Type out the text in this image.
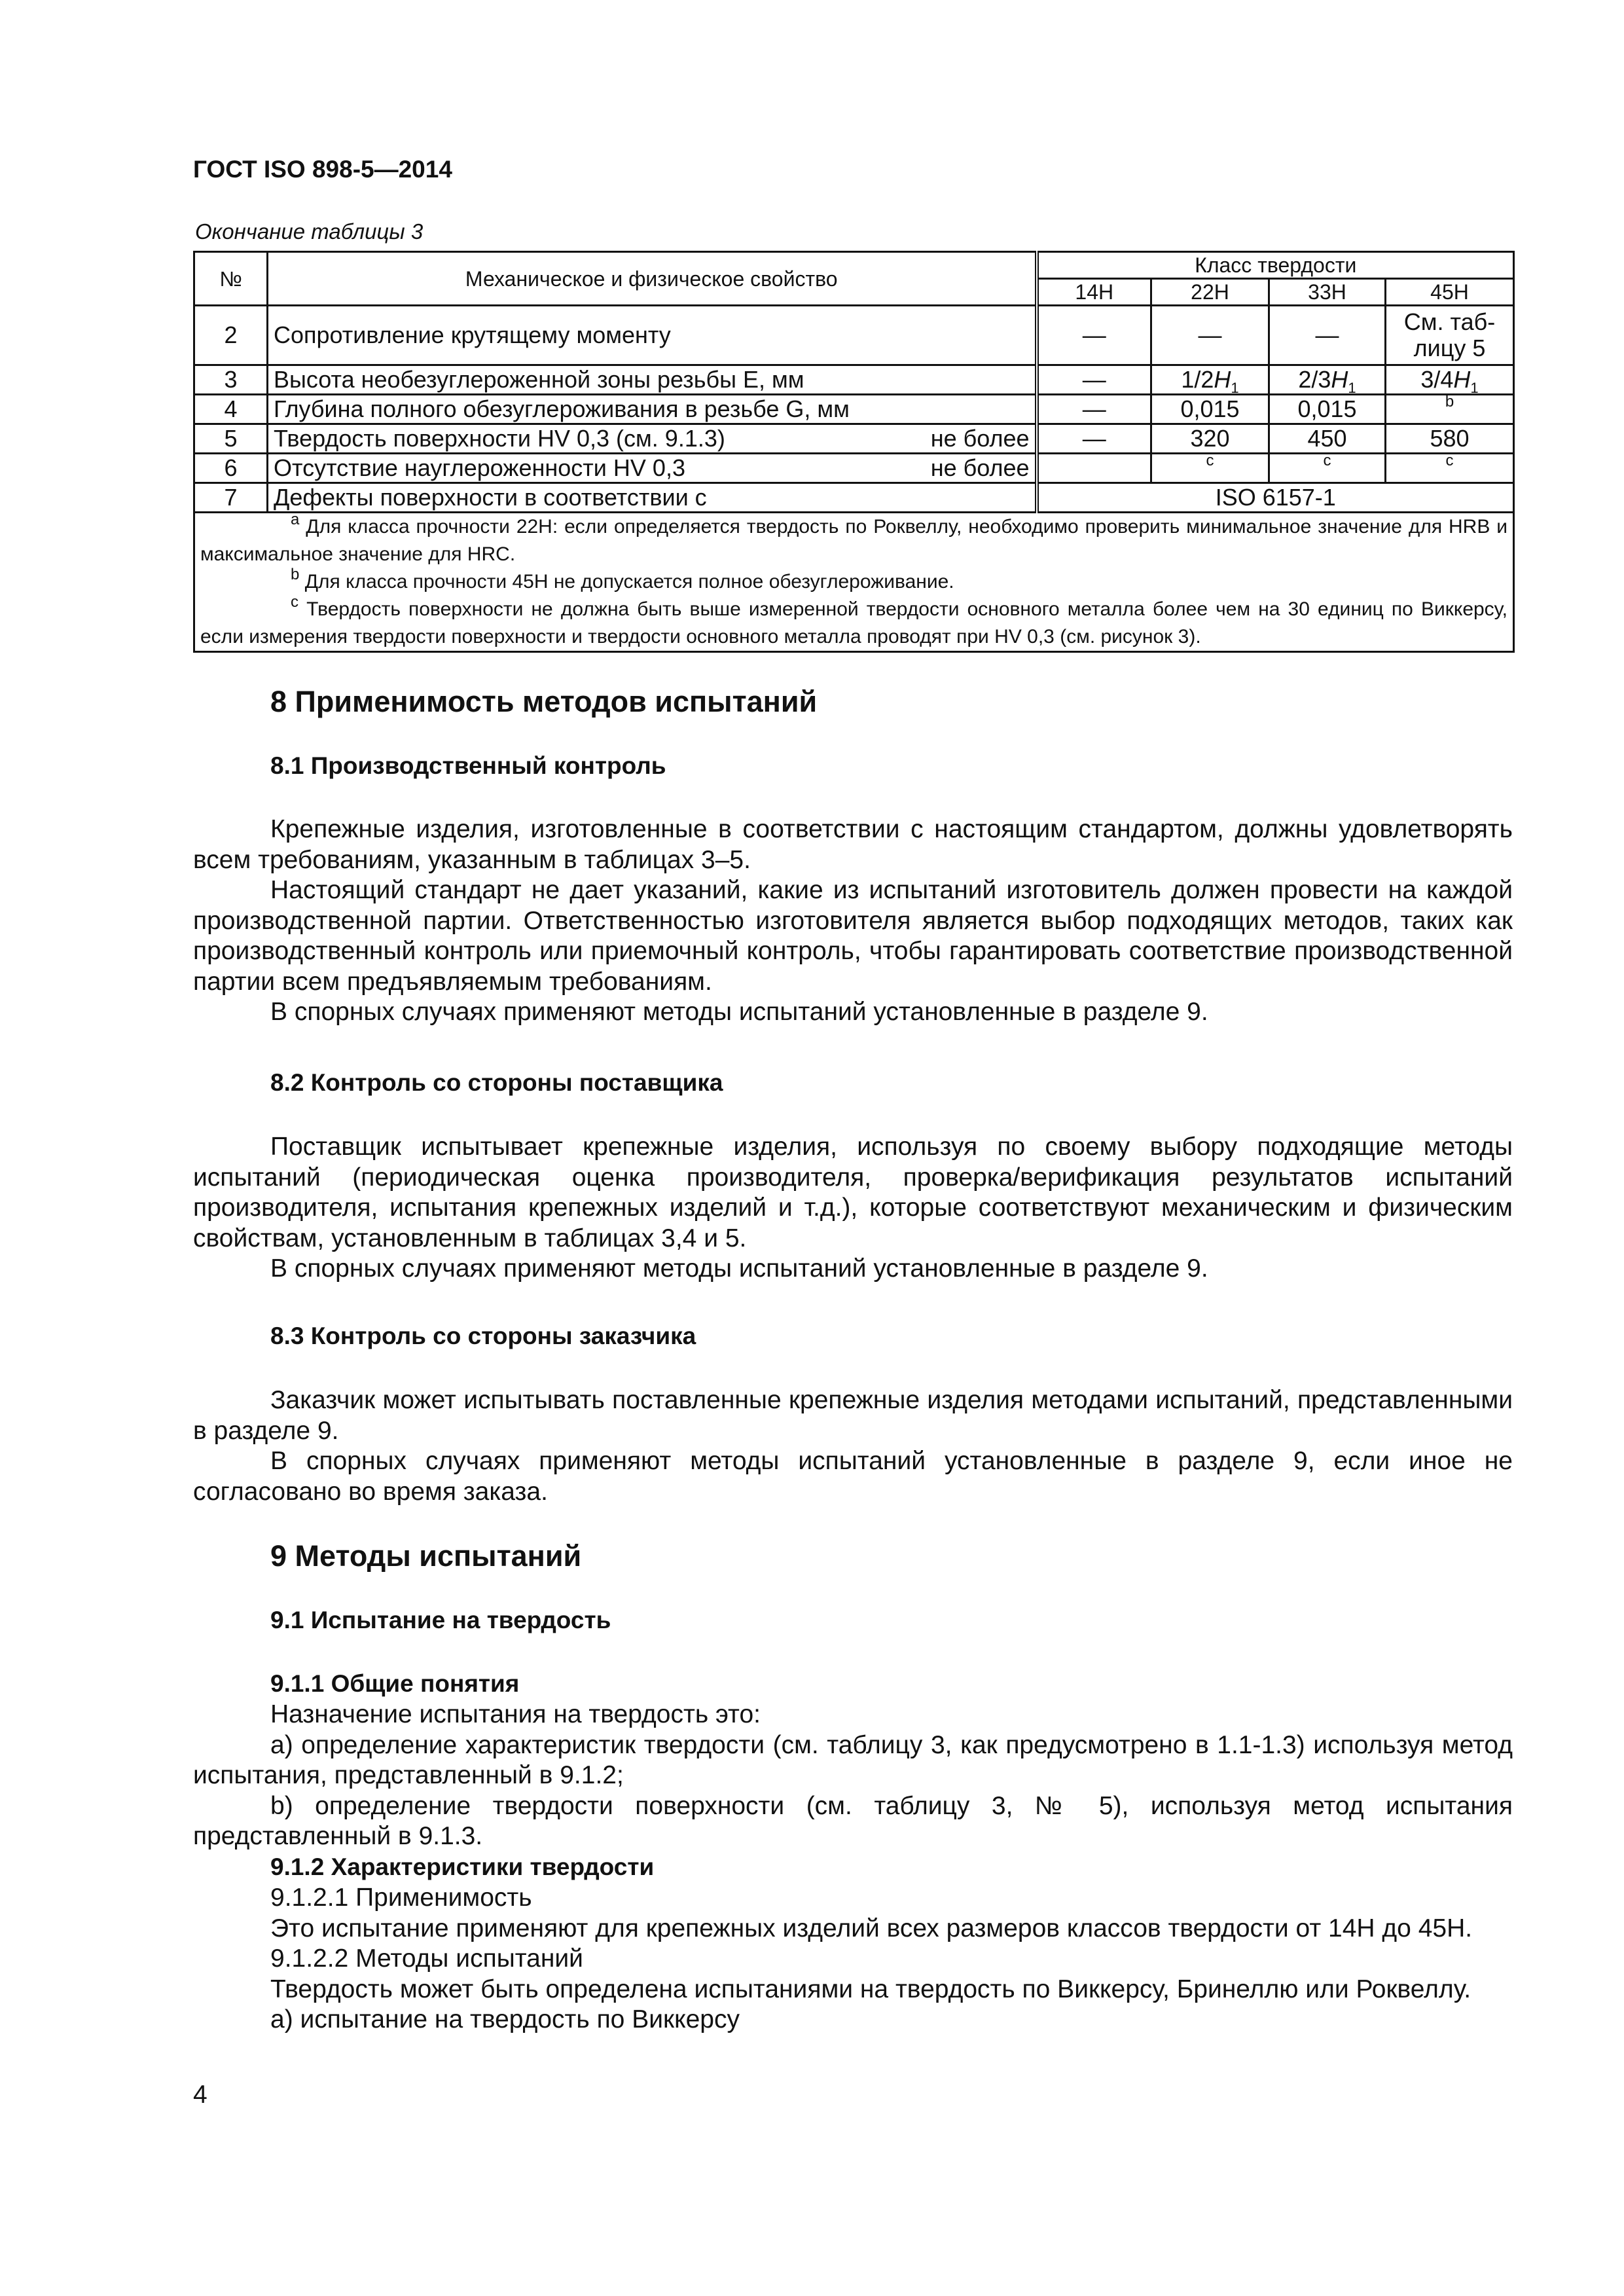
ГОСТ ISO 898-5—2014
Окончание таблицы 3
№	Механическое и физическое свойство	Класс твердости			
		14H	22H	33H	45H
2	Сопротивление крутящему моменту	—	—	—	См. таб-лицу 5
3	Высота необезуглероженной зоны резьбы E, мм	—	$1/2H_1$	$2/3H_1$	$3/4H_1$
4	Глубина полного обезуглероживания в резьбе G, мм	—	0,015	0,015	$^b$
5	Твердость поверхности HV 0,3 (см. 9.1.3) не более	—	320	450	580
6	Отсутствие науглероженности HV 0,3 не более		$^c$	$^c$	$^c$
7	Дефекты поверхности в соответствии с	ISO 6157-1			
$^a$ Для класса прочности 22H: если определяется твердость по Роквеллу, необходимо проверить минимальное значение для HRB и максимальное значение для HRC.
$^b$ Для класса прочности 45H не допускается полное обезуглероживание.
$^c$ Твердость поверхности не должна быть выше измеренной твердости основного металла более чем на 30 единиц по Виккерсу, если измерения твердости поверхности и твердости основного металла проводят при HV 0,3 (см. рисунок 3).					
8 Применимость методов испытаний
8.1 Производственный контроль

Крепежные изделия, изготовленные в соответствии с настоящим стандартом, должны удовлетворять всем требованиям, указанным в таблицах 3–5.

Настоящий стандарт не дает указаний, какие из испытаний изготовитель должен провести на каждой производственной партии. Ответственностью изготовителя является выбор подходящих методов, таких как производственный контроль или приемочный контроль, чтобы гарантировать соответствие производственной партии всем предъявляемым требованиям.

В спорных случаях применяют методы испытаний установленные в разделе 9.

8.2 Контроль со стороны поставщика

Поставщик испытывает крепежные изделия, используя по своему выбору подходящие методы испытаний (периодическая оценка производителя, проверка/верификация результатов испытаний производителя, испытания крепежных изделий и т.д.), которые соответствуют механическим и физическим свойствам, установленным в таблицах 3,4 и 5.

В спорных случаях применяют методы испытаний установленные в разделе 9.

8.3 Контроль со стороны заказчика

Заказчик может испытывать поставленные крепежные изделия методами испытаний, представленными в разделе 9.

В спорных случаях применяют методы испытаний установленные в разделе 9, если иное не согласовано во время заказа.

9 Методы испытаний
9.1 Испытание на твердость
9.1.1 Общие понятия

Назначение испытания на твердость это:

а) определение характеристик твердости (см. таблицу 3, как предусмотрено в 1.1-1.3) используя метод испытания, представленный в 9.1.2;

b) определение твердости поверхности (см. таблицу 3, № 5), используя метод испытания представленный в 9.1.3.

9.1.2 Характеристики твердости

9.1.2.1 Применимость

Это испытание применяют для крепежных изделий всех размеров классов твердости от 14H до 45H.

9.1.2.2 Методы испытаний

Твердость может быть определена испытаниями на твердость по Виккерсу, Бринеллю или Роквеллу.

а) испытание на твердость по Виккерсу

4
